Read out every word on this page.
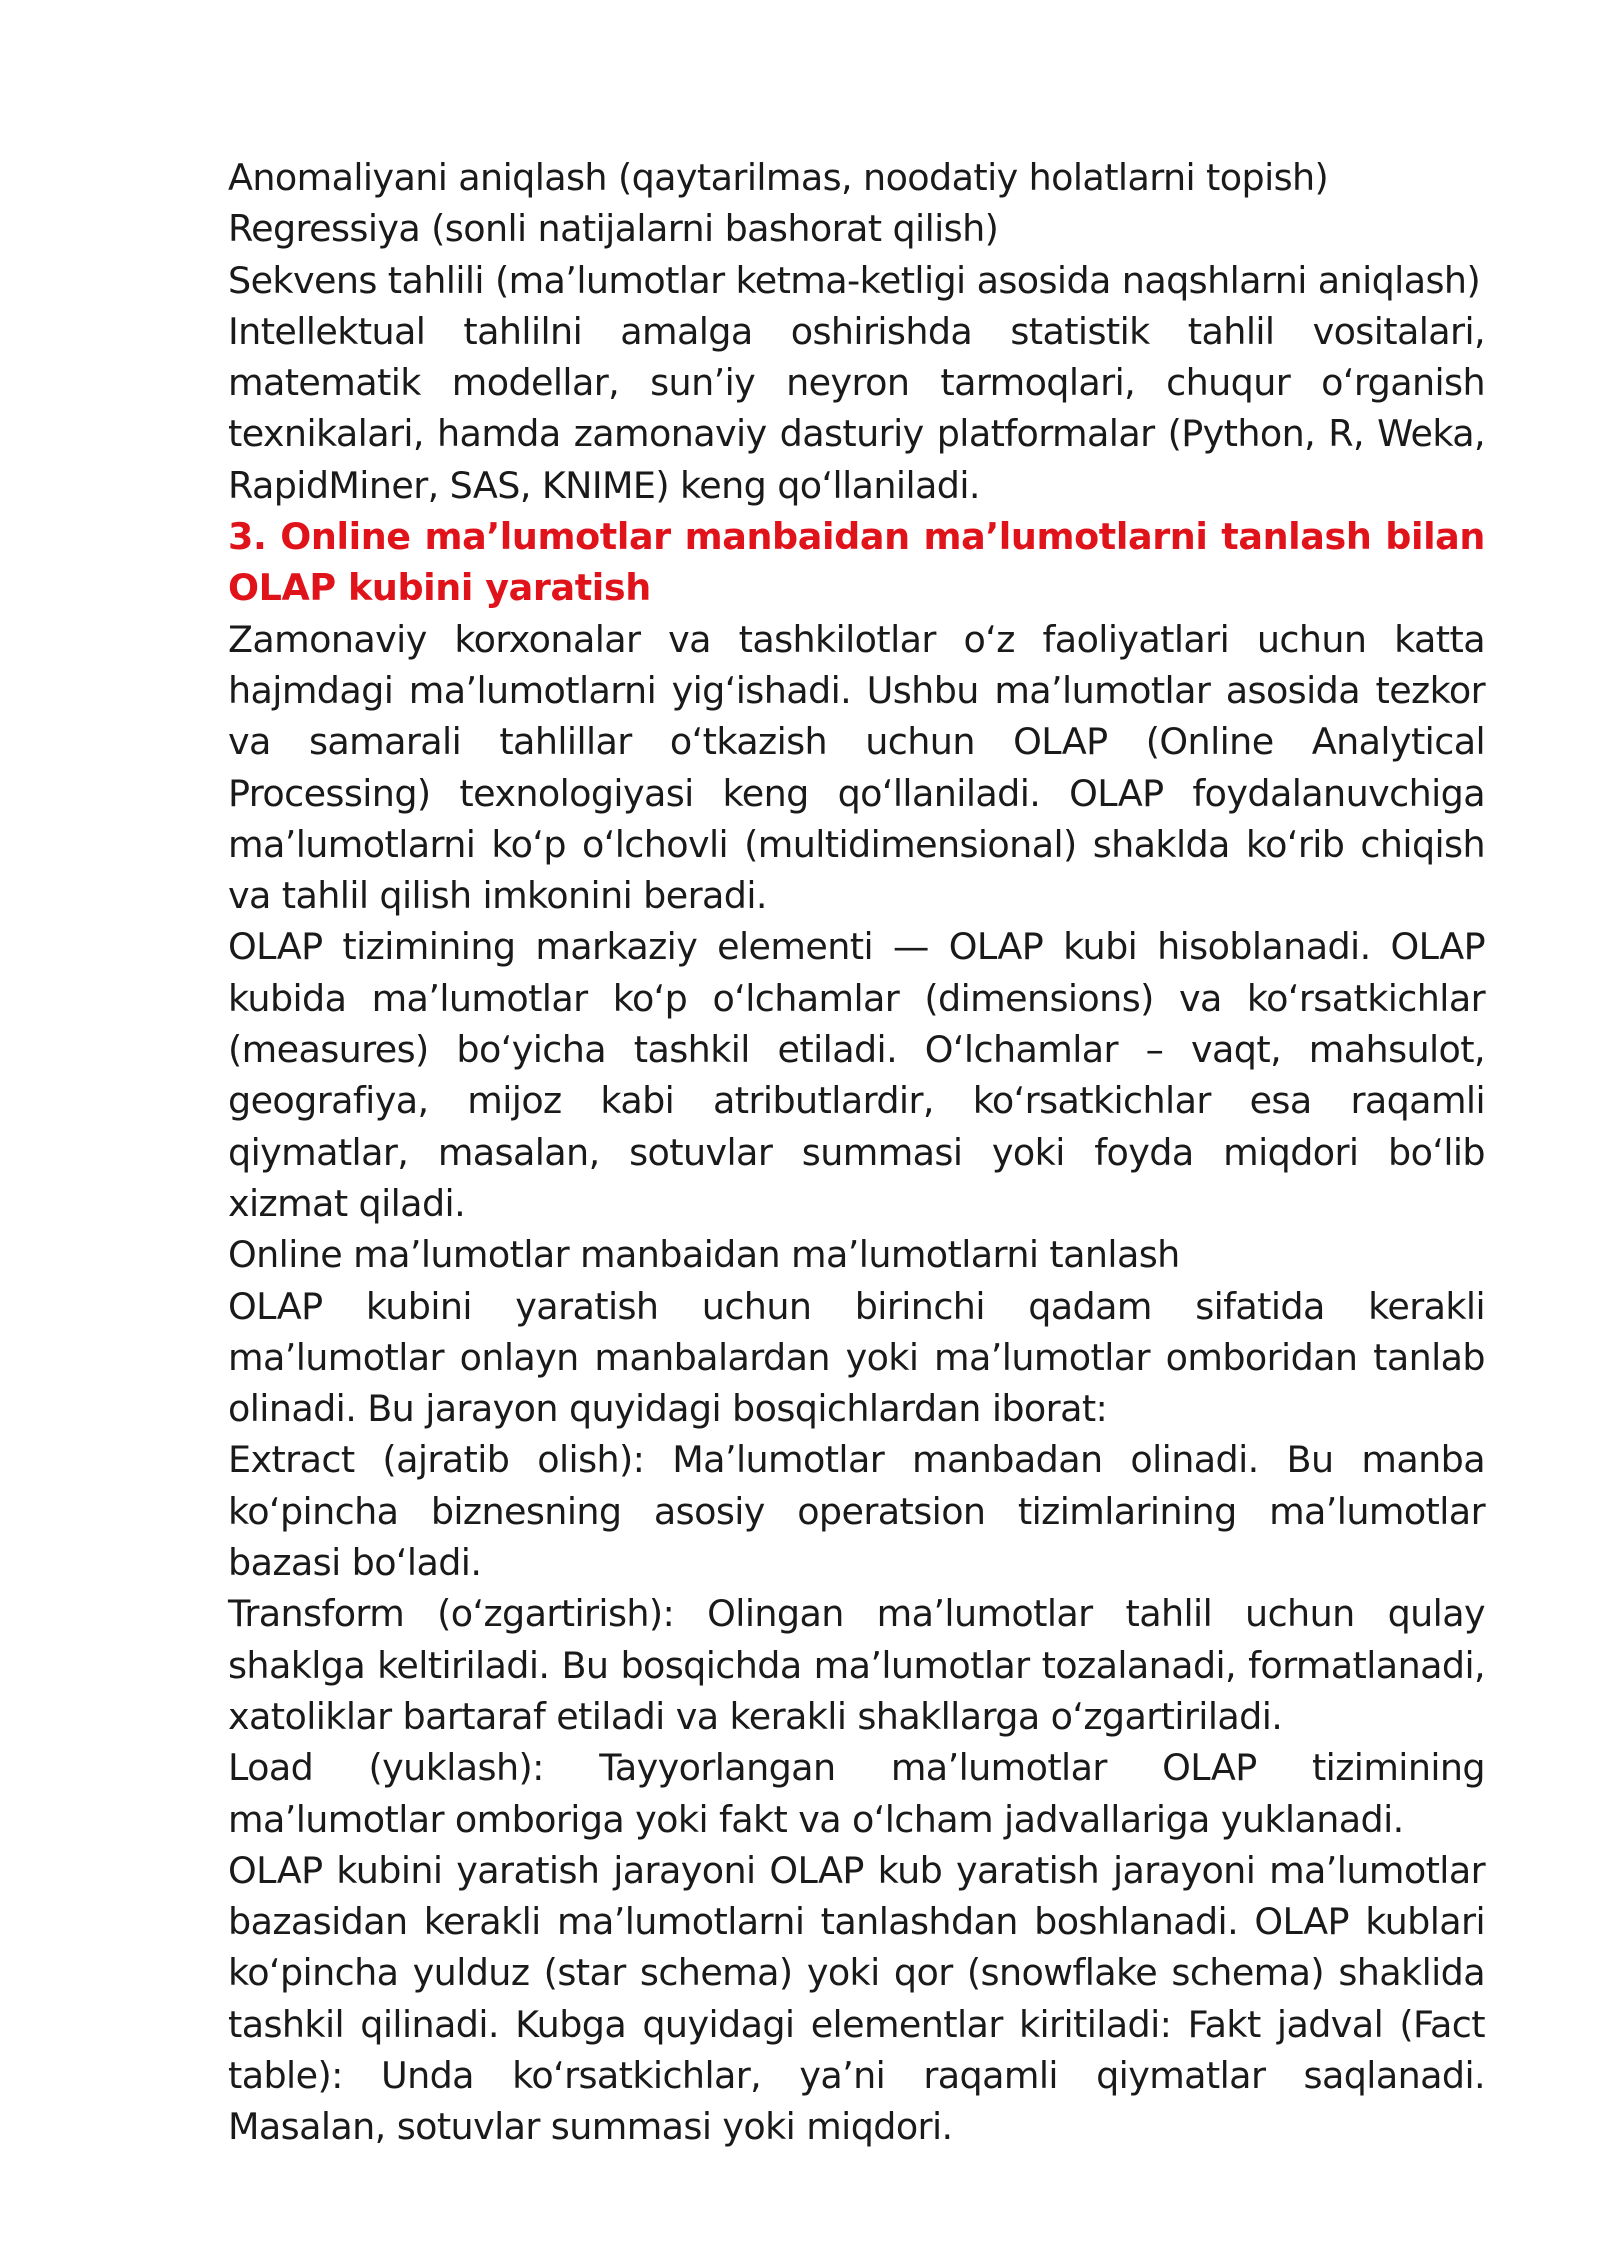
Anomaliyani aniqlash (qaytarilmas, noodatiy holatlarni topish)

Regressiya (sonli natijalarni bashorat qilish)

Sekvens tahlili (ma’lumotlar ketma-ketligi asosida naqshlarni aniqlash)

Intellektual tahlilni amalga oshirishda statistik tahlil vositalari, matematik modellar, sun’iy neyron tarmoqlari, chuqur o‘rganish texnikalari, hamda zamonaviy dasturiy platformalar (Python, R, Weka, RapidMiner, SAS, KNIME) keng qo‘llaniladi.

3. Online ma’lumotlar manbaidan ma’lumotlarni tanlash bilan OLAP kubini yaratish

Zamonaviy korxonalar va tashkilotlar o‘z faoliyatlari uchun katta hajmdagi ma’lumotlarni yig‘ishadi. Ushbu ma’lumotlar asosida tezkor va samarali tahlillar o‘tkazish uchun OLAP (Online Analytical Processing) texnologiyasi keng qo‘llaniladi. OLAP foydalanuvchiga ma’lumotlarni ko‘p o‘lchovli (multidimensional) shaklda ko‘rib chiqish va tahlil qilish imkonini beradi.

OLAP tizimining markaziy elementi — OLAP kubi hisoblanadi. OLAP kubida ma’lumotlar ko‘p o‘lchamlar (dimensions) va ko‘rsatkichlar (measures) bo‘yicha tashkil etiladi. O‘lchamlar – vaqt, mahsulot, geografiya, mijoz kabi atributlardir, ko‘rsatkichlar esa raqamli qiymatlar, masalan, sotuvlar summasi yoki foyda miqdori bo‘lib xizmat qiladi.

Online ma’lumotlar manbaidan ma’lumotlarni tanlash

OLAP kubini yaratish uchun birinchi qadam sifatida kerakli ma’lumotlar onlayn manbalardan yoki ma’lumotlar omboridan tanlab olinadi. Bu jarayon quyidagi bosqichlardan iborat:

Extract (ajratib olish): Ma’lumotlar manbadan olinadi. Bu manba ko‘pincha biznesning asosiy operatsion tizimlarining ma’lumotlar bazasi bo‘ladi.

Transform (o‘zgartirish): Olingan ma’lumotlar tahlil uchun qulay shaklga keltiriladi. Bu bosqichda ma’lumotlar tozalanadi, formatlanadi, xatoliklar bartaraf etiladi va kerakli shakllarga o‘zgartiriladi.

Load (yuklash): Tayyorlangan ma’lumotlar OLAP tizimining ma’lumotlar omboriga yoki fakt va o‘lcham jadvallariga yuklanadi.

OLAP kubini yaratish jarayoni OLAP kub yaratish jarayoni ma’lumotlar bazasidan kerakli ma’lumotlarni tanlashdan boshlanadi. OLAP kublari ko‘pincha yulduz (star schema) yoki qor (snowflake schema) shaklida tashkil qilinadi. Kubga quyidagi elementlar kiritiladi: Fakt jadval (Fact table): Unda ko‘rsatkichlar, ya’ni raqamli qiymatlar saqlanadi. Masalan, sotuvlar summasi yoki miqdori.
